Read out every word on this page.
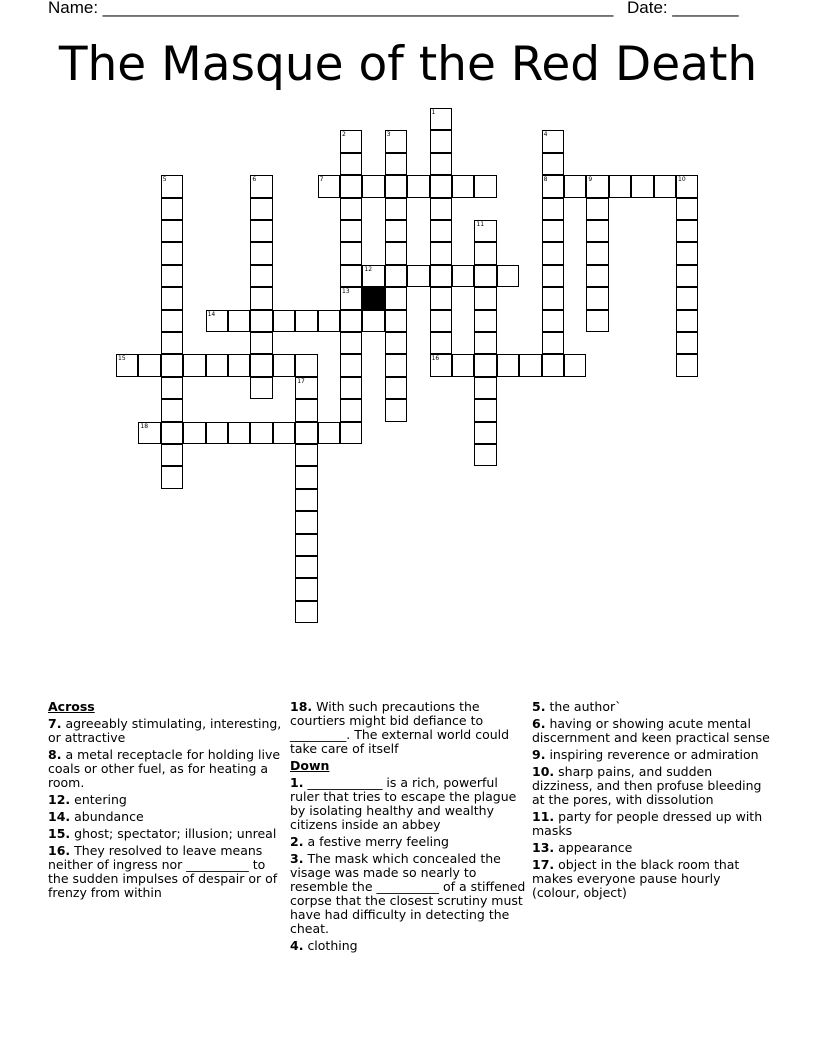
Name: ______________________________________________________ Date: _______
The Masque of the Red Death
1
2	3	4
5	6	7	8	9	10
11
12
13
14
15	16
17
18
Across
7. agreeably stimulating, interesting, or attractive
8. a metal receptacle for holding live coals or other fuel, as for heating a room.
12. entering
14. abundance
15. ghost; spectator; illusion; unreal
16. They resolved to leave means neither of ingress nor __________ to the sudden impulses of despair or of frenzy from within
18. With such precautions the courtiers might bid defiance to _________. The external world could take care of itself
Down
1. ____________ is a rich, powerful ruler that tries to escape the plague by isolating healthy and wealthy citizens inside an abbey
2. a festive merry feeling
3. The mask which concealed the visage was made so nearly to resemble the __________ of a stiffened corpse that the closest scrutiny must have had difficulty in detecting the cheat.
4. clothing
5. the author`
6. having or showing acute mental discernment and keen practical sense
9. inspiring reverence or admiration
10. sharp pains, and sudden dizziness, and then profuse bleeding at the pores, with dissolution
11. party for people dressed up with masks
13. appearance
17. object in the black room that makes everyone pause hourly (colour, object)
